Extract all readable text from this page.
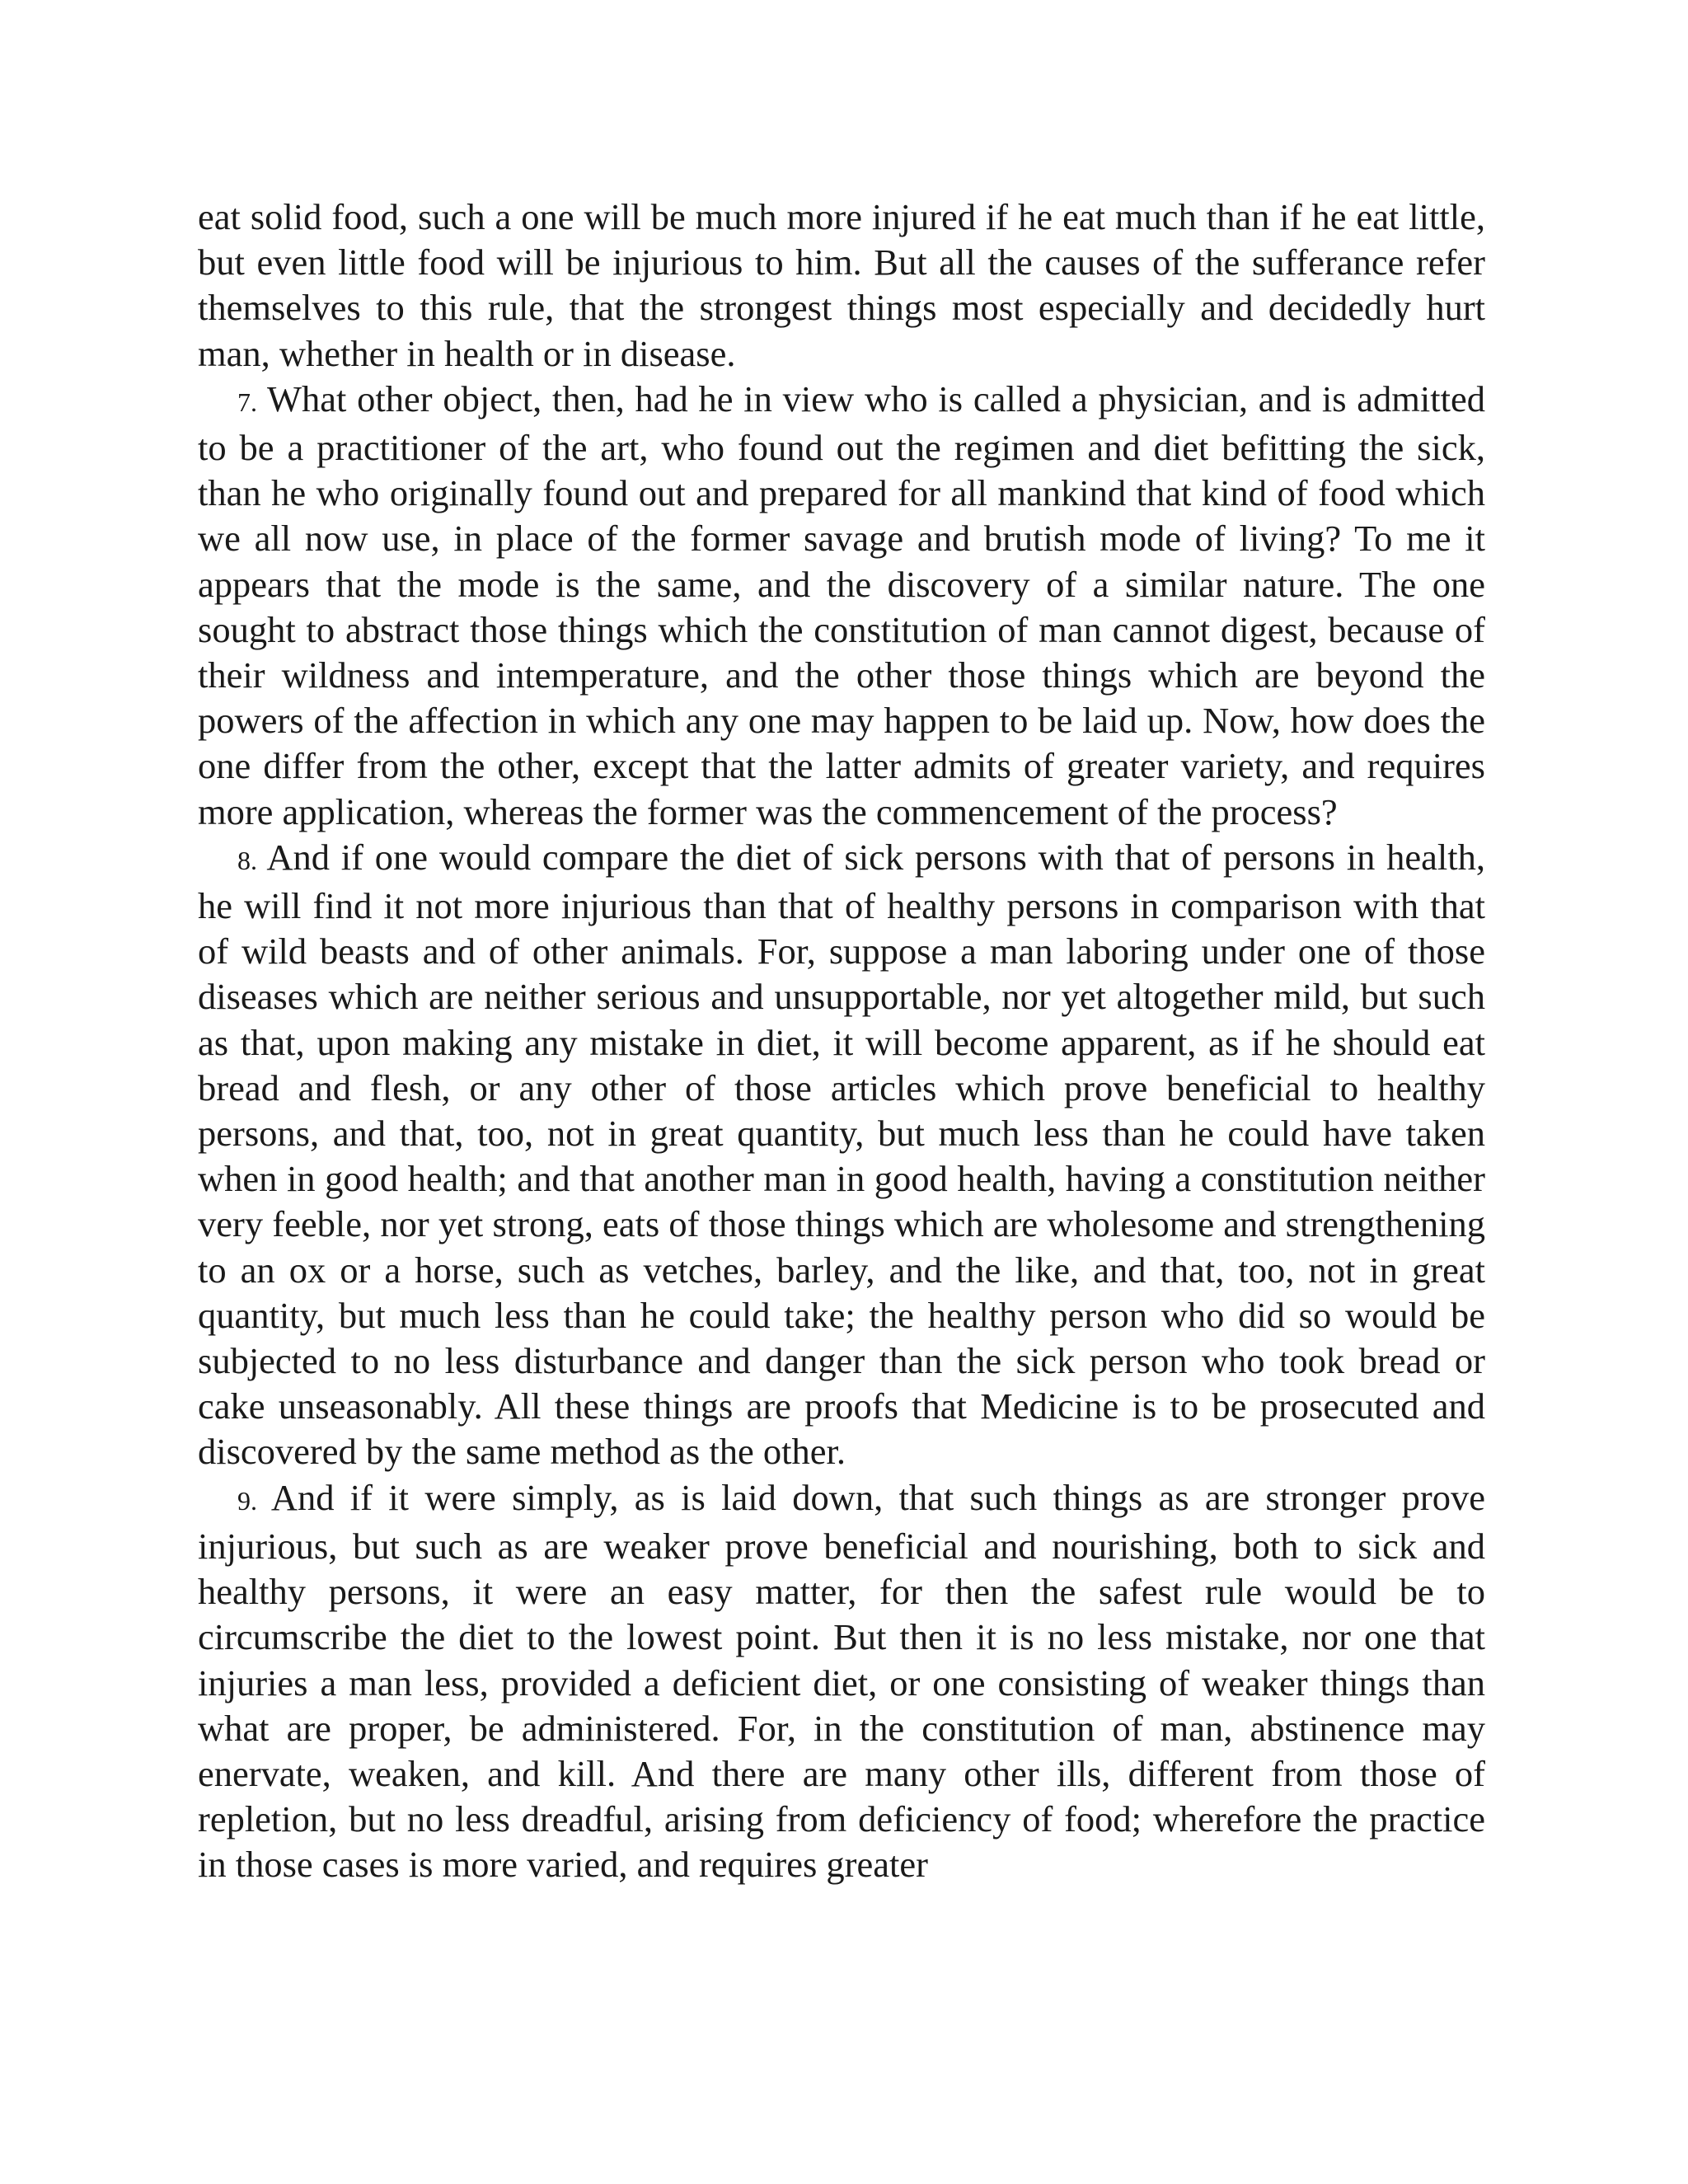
eat solid food, such a one will be much more injured if he eat much than if he eat little, but even little food will be injurious to him. But all the causes of the sufferance refer themselves to this rule, that the strongest things most especially and decidedly hurt man, whether in health or in disease.

7. What other object, then, had he in view who is called a physician, and is admitted to be a practitioner of the art, who found out the regimen and diet befitting the sick, than he who originally found out and prepared for all mankind that kind of food which we all now use, in place of the former savage and brutish mode of living? To me it appears that the mode is the same, and the discovery of a similar nature. The one sought to abstract those things which the constitution of man cannot digest, because of their wildness and intemperature, and the other those things which are beyond the powers of the affection in which any one may happen to be laid up. Now, how does the one differ from the other, except that the latter admits of greater variety, and requires more application, whereas the former was the commencement of the process?

8. And if one would compare the diet of sick persons with that of persons in health, he will find it not more injurious than that of healthy persons in comparison with that of wild beasts and of other animals. For, suppose a man laboring under one of those diseases which are neither serious and unsupportable, nor yet altogether mild, but such as that, upon making any mistake in diet, it will become apparent, as if he should eat bread and flesh, or any other of those articles which prove beneficial to healthy persons, and that, too, not in great quantity, but much less than he could have taken when in good health; and that another man in good health, having a constitution neither very feeble, nor yet strong, eats of those things which are wholesome and strengthening to an ox or a horse, such as vetches, barley, and the like, and that, too, not in great quantity, but much less than he could take; the healthy person who did so would be subjected to no less disturbance and danger than the sick person who took bread or cake unseasonably. All these things are proofs that Medicine is to be prosecuted and discovered by the same method as the other.

9. And if it were simply, as is laid down, that such things as are stronger prove injurious, but such as are weaker prove beneficial and nourishing, both to sick and healthy persons, it were an easy matter, for then the safest rule would be to circumscribe the diet to the lowest point. But then it is no less mistake, nor one that injuries a man less, provided a deficient diet, or one consisting of weaker things than what are proper, be administered. For, in the constitution of man, abstinence may enervate, weaken, and kill. And there are many other ills, different from those of repletion, but no less dreadful, arising from deficiency of food; wherefore the practice in those cases is more varied, and requires greater
